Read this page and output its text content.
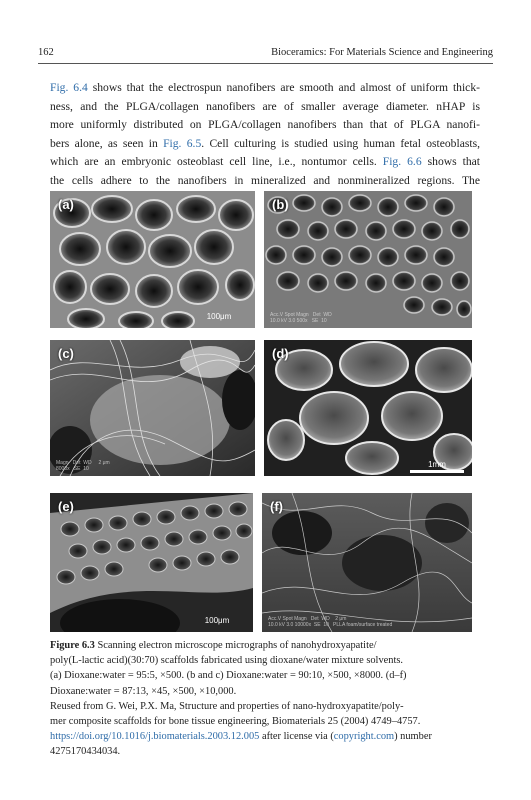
162	Bioceramics: For Materials Science and Engineering
Fig. 6.4 shows that the electrospun nanofibers are smooth and almost of uniform thick-
ness, and the PLGA/collagen nanofibers are of smaller average diameter. nHAP is
more uniformly distributed on PLGA/collagen nanofibers than that of PLGA nanofi-
bers alone, as seen in Fig. 6.5. Cell culturing is studied using human fetal osteoblasts,
which are an embryonic osteoblast cell line, i.e., nontumor cells. Fig. 6.6 shows that
the cells adhere to the nanofibers in mineralized and nonmineralized regions. The
(a)
100μm
(b)
Acc.V Spot Magn   Det  WD
10.0 kV 3.0 500x   SE  10
(c)
Magn   Det  WD     2 μm
8000x   SE  10
(d)
1mm
(e)
100μm
(f)
Acc.V Spot Magn   Det  WD    2 μm
10.0 kV 3.0 10000x  SE  10   PLLA foam/surface treated
Figure 6.3 Scanning electron microscope micrographs of nanohydroxyapatite/
poly(L-lactic acid)(30:70) scaffolds fabricated using dioxane/water mixture solvents.
(a) Dioxane:water = 95:5, ×500. (b and c) Dioxane:water = 90:10, ×500, ×8000. (d–f)
Dioxane:water = 87:13, ×45, ×500, ×10,000.
Reused from G. Wei, P.X. Ma, Structure and properties of nano-hydroxyapatite/poly-
mer composite scaffolds for bone tissue engineering, Biomaterials 25 (2004) 4749–4757.
https://doi.org/10.1016/j.biomaterials.2003.12.005 after license via (copyright.com) number
4275170434034.
